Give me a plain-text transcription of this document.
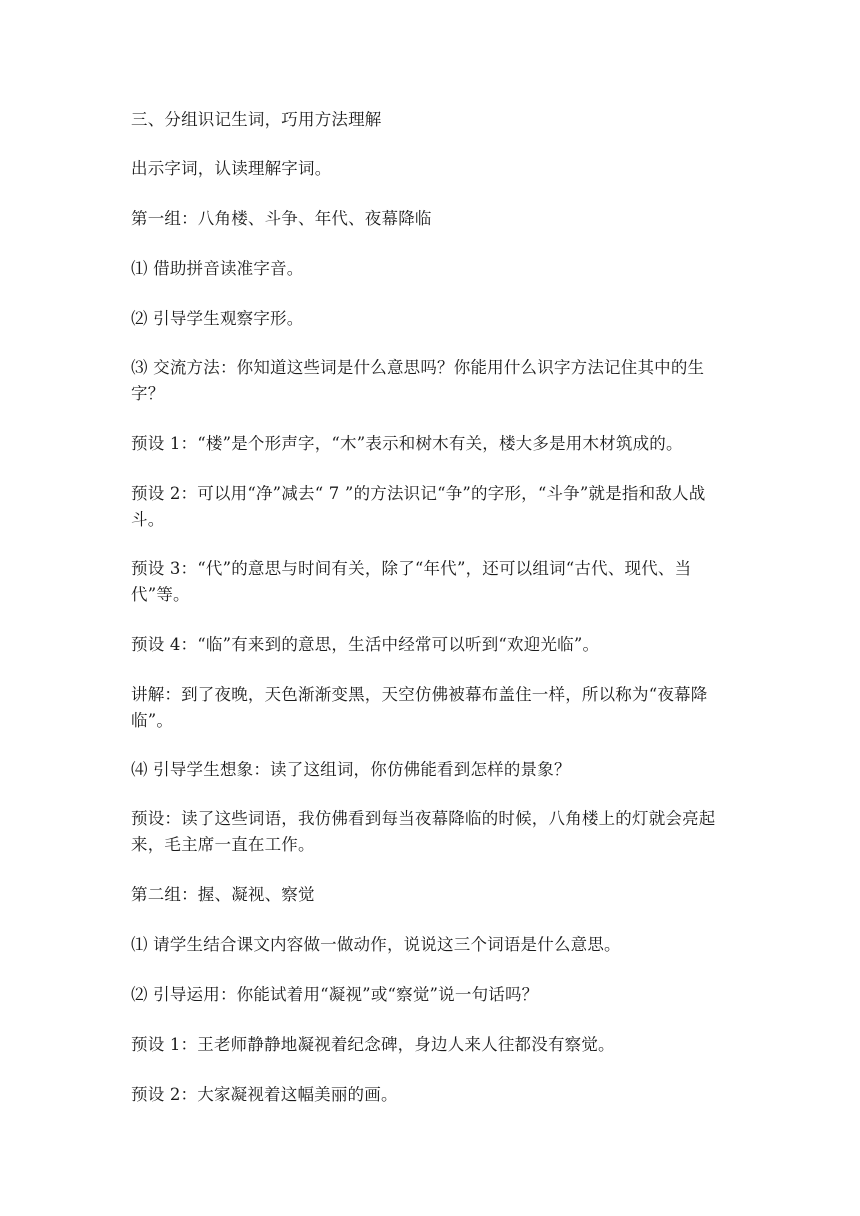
三、分组识记生词，巧用方法理解

出示字词，认读理解字词。

第一组：八角楼、斗争、年代、夜幕降临

⑴ 借助拼音读准字音。

⑵ 引导学生观察字形。

⑶ 交流方法：你知道这些词是什么意思吗？你能用什么识字方法记住其中的生字？

预设 1：“楼”是个形声字，“木”表示和树木有关，楼大多是用木材筑成的。

预设 2：可以用“净”减去“ 7 ”的方法识记“争”的字形，“斗争”就是指和敌人战斗。

预设 3：“代”的意思与时间有关，除了“年代”，还可以组词“古代、现代、当代”等。

预设 4：“临”有来到的意思，生活中经常可以听到“欢迎光临”。

讲解：到了夜晚，天色渐渐变黑，天空仿佛被幕布盖住一样，所以称为“夜幕降临”。

⑷ 引导学生想象：读了这组词，你仿佛能看到怎样的景象？

预设：读了这些词语，我仿佛看到每当夜幕降临的时候，八角楼上的灯就会亮起来，毛主席一直在工作。

第二组：握、凝视、察觉

⑴ 请学生结合课文内容做一做动作，说说这三个词语是什么意思。

⑵ 引导运用：你能试着用“凝视”或“察觉”说一句话吗？

预设 1：王老师静静地凝视着纪念碑，身边人来人往都没有察觉。

预设 2：大家凝视着这幅美丽的画。
